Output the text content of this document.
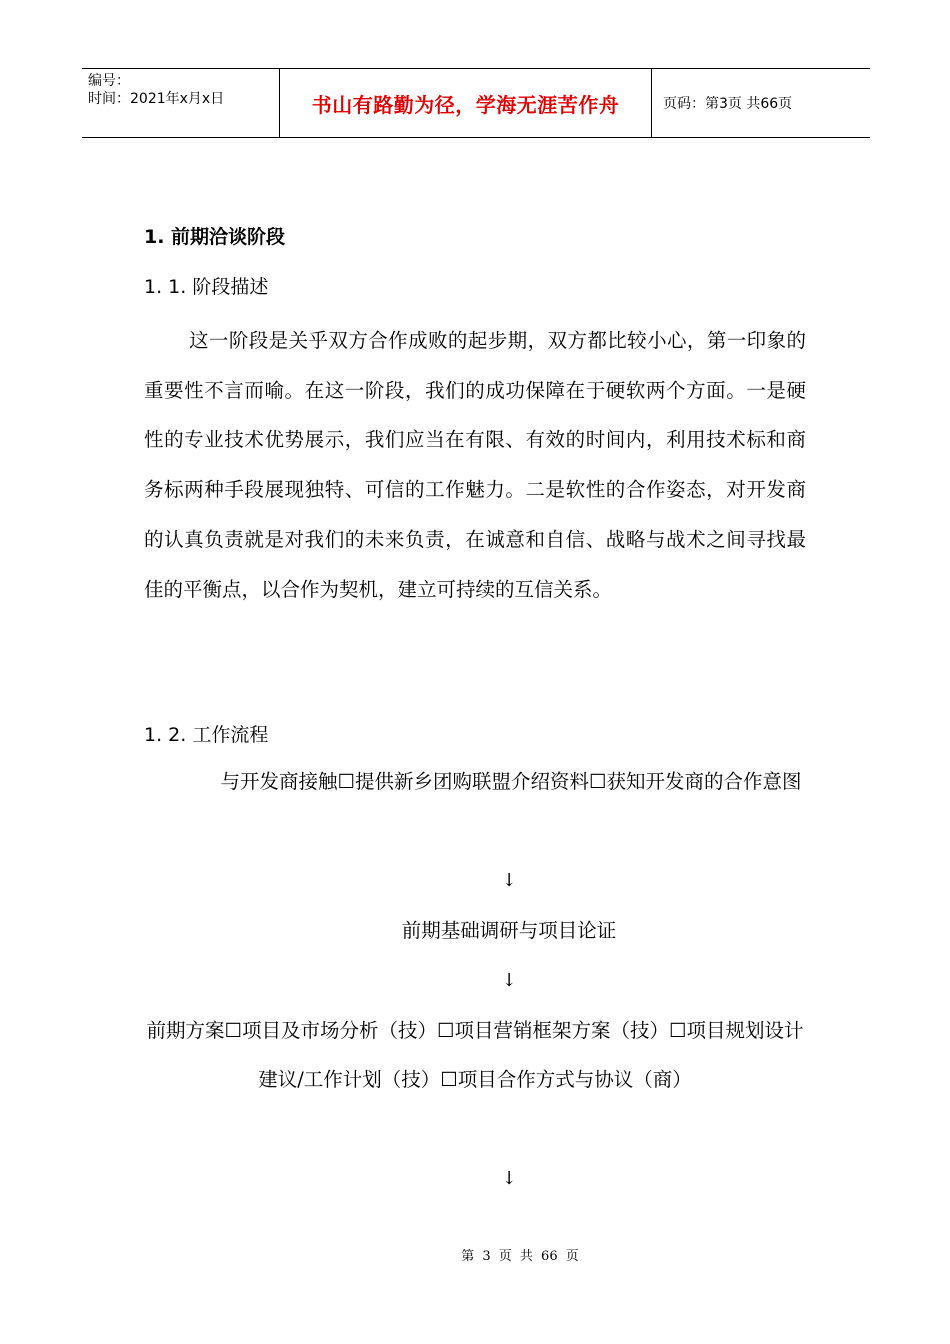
编号：
时间：2021年x月x日	书山有路勤为径，学海无涯苦作舟	页码：第3页 共66页
1. 前期洽谈阶段
1. 1. 阶段描述
这一阶段是关乎双方合作成败的起步期，双方都比较小心，第一印象的重要性不言而喻。在这一阶段，我们的成功保障在于硬软两个方面。一是硬性的专业技术优势展示，我们应当在有限、有效的时间内，利用技术标和商务标两种手段展现独特、可信的工作魅力。二是软性的合作姿态，对开发商的认真负责就是对我们的未来负责，在诚意和自信、战略与战术之间寻找最佳的平衡点，以合作为契机，建立可持续的互信关系。
1. 2. 工作流程
与开发商接触☐提供新乡团购联盟介绍资料☐获知开发商的合作意图
↓
前期基础调研与项目论证
↓
前期方案☐项目及市场分析（技）☐项目营销框架方案（技）☐项目规划设计建议/工作计划（技）☐项目合作方式与协议（商）
↓
第 3 页 共 66 页
